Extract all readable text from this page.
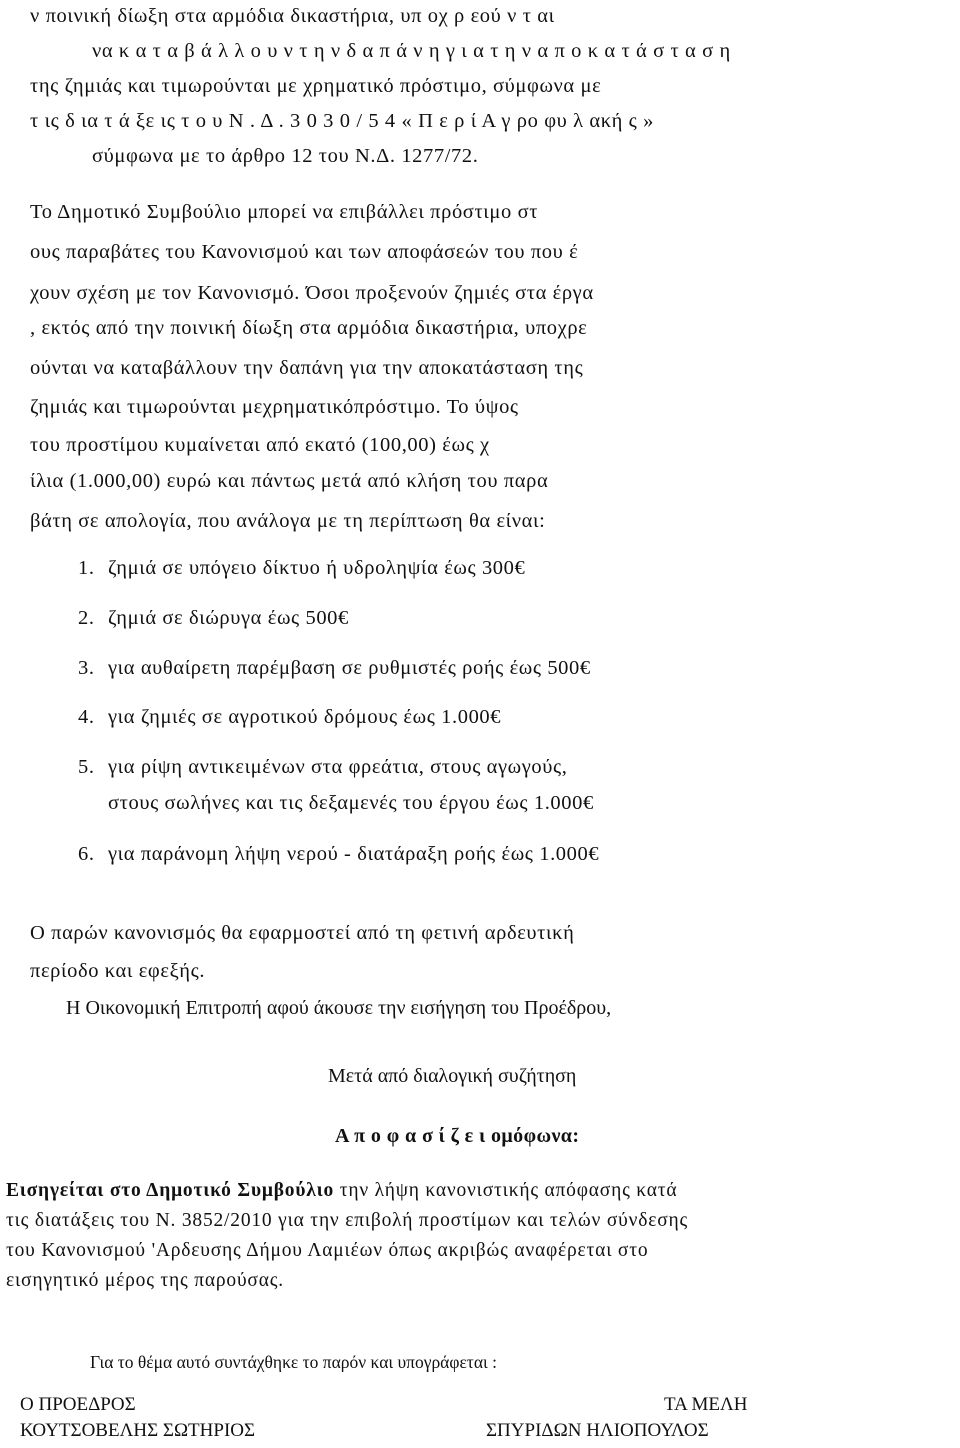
ν ποινική δίωξη στα αρμόδια δικαστήρια, υπ οχ ρ εού ν τ αι
να κ α τ α β ά λ λ ο υ ν τ η ν δ α π ά ν η γ ι α τ η ν α π ο κ α τ ά σ τ α σ η
της ζημιάς και τιμωρούνται με χρηματικό πρόστιμο, σύμφωνα με
τ ις δ ια τ ά ξε ις τ ο υ Ν . Δ . 3 0 3 0 / 5 4 « Π ε ρ ί Α γ ρο φυ λ ακή ς »
σύμφωνα με το άρθρο 12 του Ν.Δ. 1277/72.
Το Δημοτικό Συμβούλιο μπορεί να επιβάλλει πρόστιμο στ
ους παραβάτες του Κανονισμού και των αποφάσεών του που έ
χουν σχέση με τον Κανονισμό. Όσοι προξενούν ζημιές στα έργα
, εκτός από την ποινική δίωξη στα αρμόδια δικαστήρια, υποχρε
ούνται να καταβάλλουν την δαπάνη για την αποκατάσταση της
ζημιάς και τιμωρούνται μεχρηματικόπρόστιμο. Το ύψος
του προστίμου κυμαίνεται από εκατό (100,00) έως χ
ίλια (1.000,00) ευρώ και πάντως μετά από κλήση του παρα
βάτη σε απολογία, που ανάλογα με τη περίπτωση θα είναι:
1. ζημιά σε υπόγειο δίκτυο ή υδροληψία έως 300€
2. ζημιά σε διώρυγα έως 500€
3. για αυθαίρετη παρέμβαση σε ρυθμιστές ροής έως 500€
4. για ζημιές σε αγροτικού δρόμους έως 1.000€
5. για ρίψη αντικειμένων στα φρεάτια, στους αγωγούς,
στους σωλήνες και τις δεξαμενές του έργου έως 1.000€
6. για παράνομη λήψη νερού - διατάραξη ροής έως 1.000€
Ο παρών κανονισμός θα εφαρμοστεί από τη φετινή αρδευτική
περίοδο και εφεξής.
Η Οικονομική Επιτροπή αφού άκουσε την εισήγηση του Προέδρου,
Μετά από διαλογική συζήτηση
Α π ο φ α σ ί ζ ε ι ομόφωνα:
Εισηγείται στο Δημοτικό Συμβούλιο την λήψη κανονιστικής απόφασης κατά
τις διατάξεις του Ν. 3852/2010 για την επιβολή προστίμων και τελών σύνδεσης
του Κανονισμού 'Αρδευσης Δήμου Λαμιέων όπως ακριβώς αναφέρεται στο
εισηγητικό μέρος της παρούσας.
Για το θέμα αυτό συντάχθηκε το παρόν και υπογράφεται :
Ο ΠΡΟΕΔΡΟΣ
ΚΟΥΤΣΟΒΕΛΗΣ ΣΩΤΗΡΙΟΣ
ΤΑ ΜΕΛΗ
ΣΠΥΡΙΔΩΝ ΗΛΙΟΠΟΥΛΟΣ
